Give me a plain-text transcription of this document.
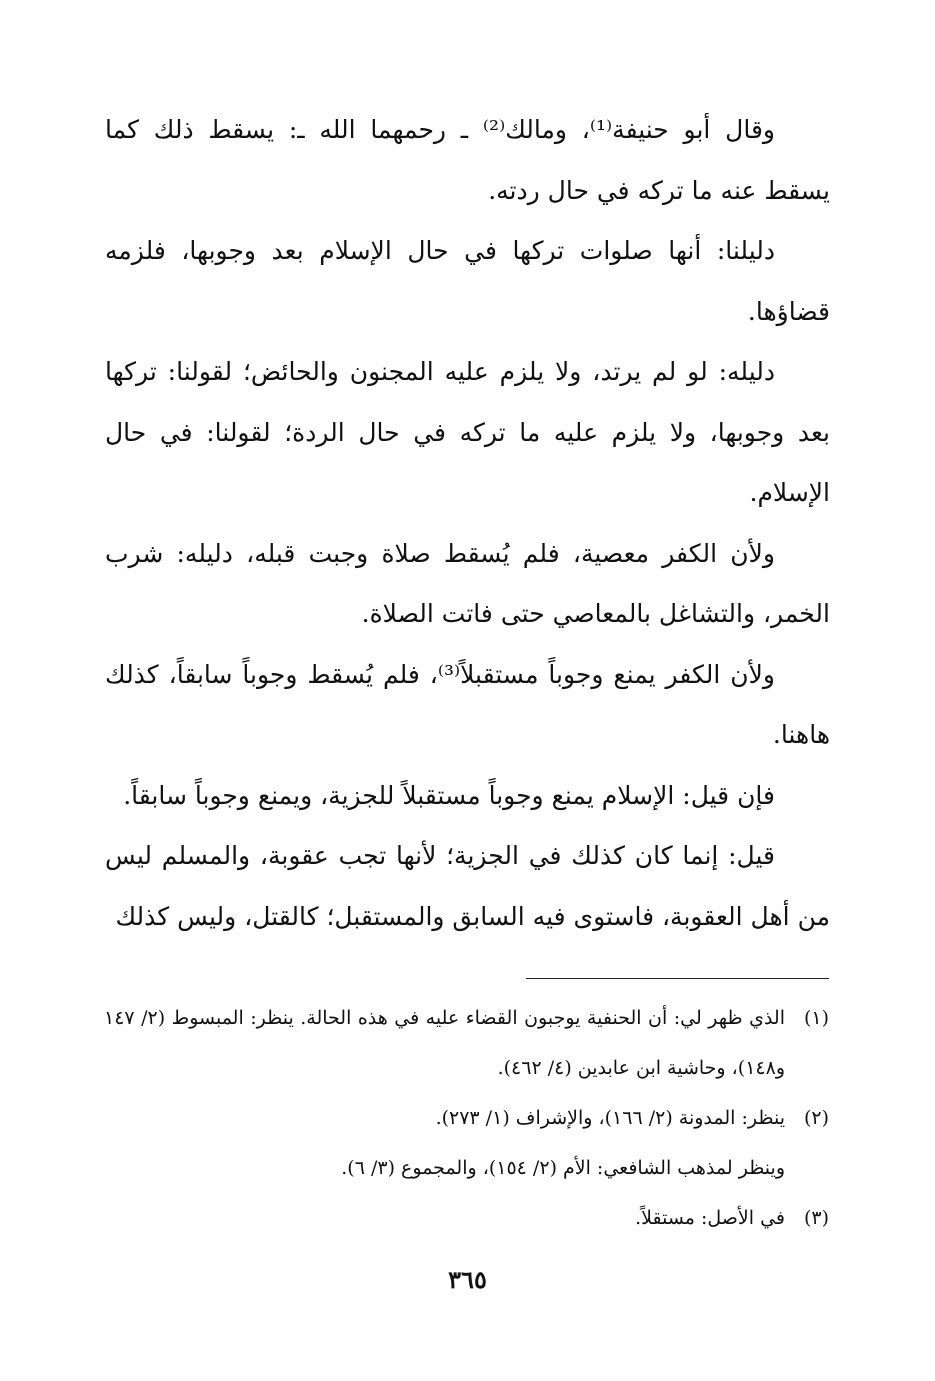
وقال أبو حنيفة⁽¹⁾، ومالك⁽²⁾ ـ رحمهما الله ـ: يسقط ذلك كما يسقط عنه ما تركه في حال ردته.

دليلنا: أنها صلوات تركها في حال الإسلام بعد وجوبها، فلزمه قضاؤها.

دليله: لو لم يرتد، ولا يلزم عليه المجنون والحائض؛ لقولنا: تركها بعد وجوبها، ولا يلزم عليه ما تركه في حال الردة؛ لقولنا: في حال الإسلام.

ولأن الكفر معصية، فلم يُسقط صلاة وجبت قبله، دليله: شرب الخمر، والتشاغل بالمعاصي حتى فاتت الصلاة.

ولأن الكفر يمنع وجوباً مستقبلاً⁽³⁾، فلم يُسقط وجوباً سابقاً، كذلك هاهنا.

فإن قيل: الإسلام يمنع وجوباً مستقبلاً للجزية، ويمنع وجوباً سابقاً.

قيل: إنما كان كذلك في الجزية؛ لأنها تجب عقوبة، والمسلم ليس من أهل العقوبة، فاستوى فيه السابق والمستقبل؛ كالقتل، وليس كذلك

(١)
الذي ظهر لي: أن الحنفية يوجبون القضاء عليه في هذه الحالة. ينظر: المبسوط (٢/ ١٤٧ و١٤٨)، وحاشية ابن عابدين (٤/ ٤٦٢).
(٢)
ينظر: المدونة (٢/ ١٦٦)، والإشراف (١/ ٢٧٣).

وينظر لمذهب الشافعي: الأم (٢/ ١٥٤)، والمجموع (٣/ ٦).

(٣)
في الأصل: مستقلاً.
٣٦٥
